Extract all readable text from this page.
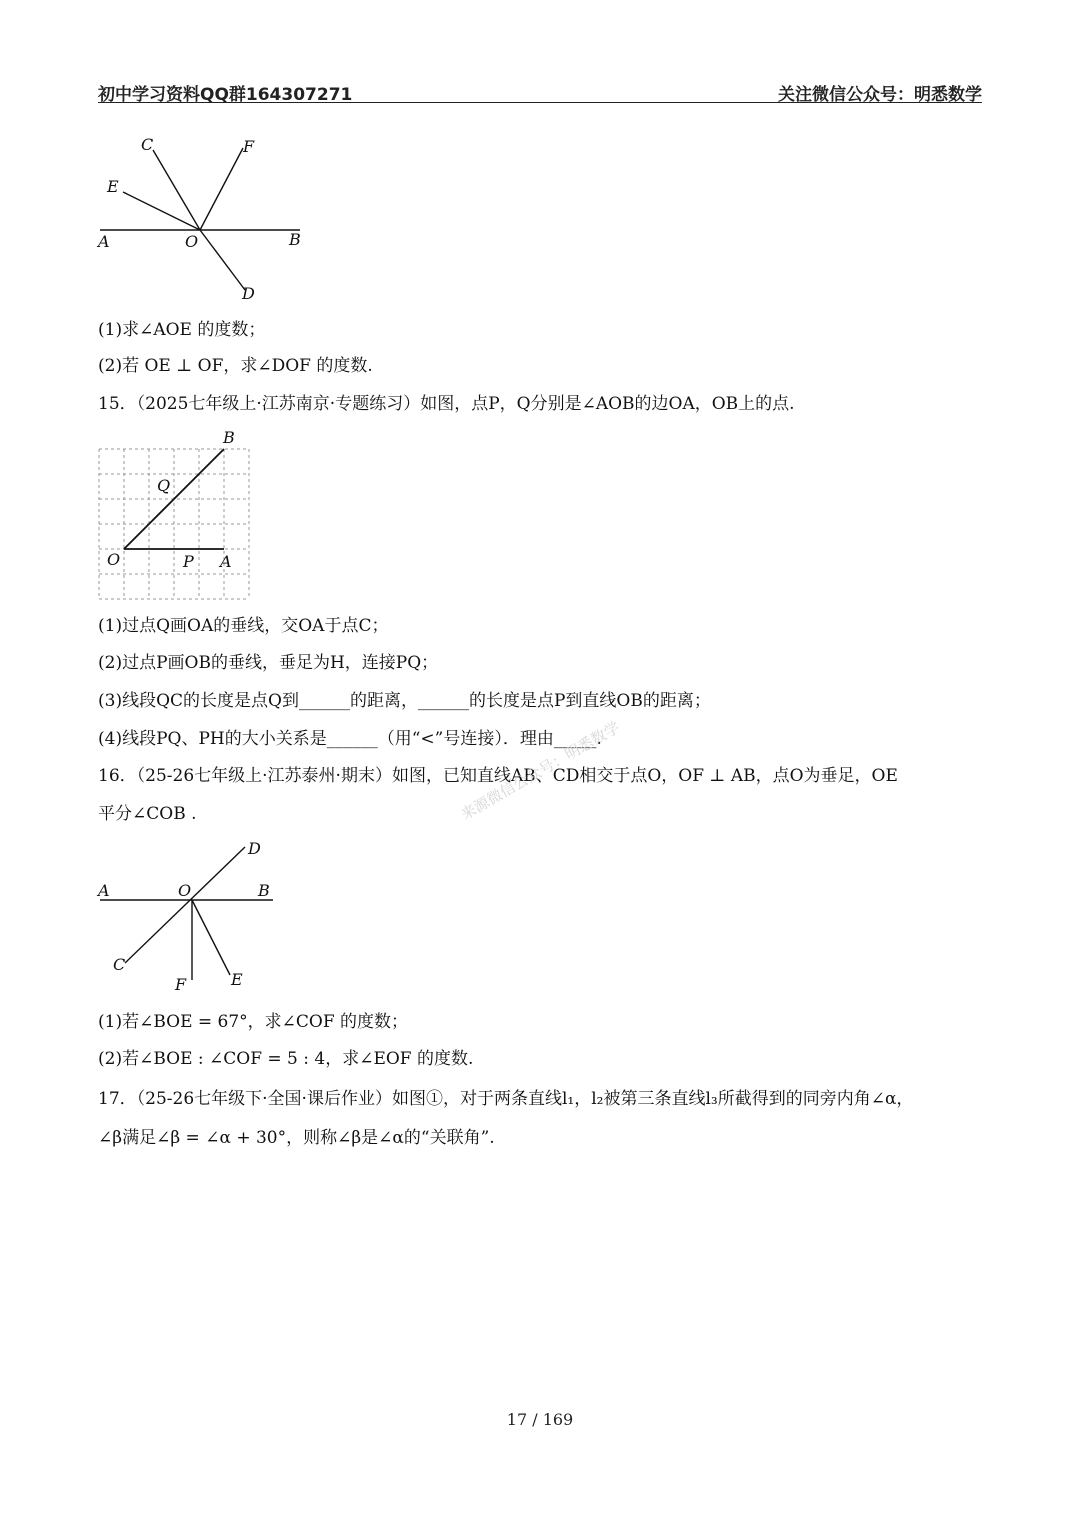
初中学习资料QQ群164307271	关注微信公众号：明悉数学
C	F
E
A	O	B
D
(1)求∠AOE 的度数；
(2)若 OE ⊥ OF，求∠DOF 的度数.
15．（2025七年级上·江苏南京·专题练习）如图，点P，Q分别是∠AOB的边OA，OB上的点.
B
Q
O	P A
(1)过点Q画OA的垂线，交OA于点C；
(2)过点P画OB的垂线，垂足为H，连接PQ；
(3)线段QC的长度是点Q到______的距离，______的长度是点P到直线OB的距离；
(4)线段PQ、PH的大小关系是______（用“<”号连接）．理由_____.
16．（25-26七年级上·江苏泰州·期末）如图，已知直线AB、CD相交于点O，OF ⊥ AB，点O为垂足，OE
平分∠COB .
D
A	O	B
C
F	E
(1)若∠BOE = 67°，求∠COF 的度数；
(2)若∠BOE : ∠COF = 5 : 4，求∠EOF 的度数.
17．（25-26七年级下·全国·课后作业）如图①，对于两条直线l₁，l₂被第三条直线l₃所截得到的同旁内角∠α，
∠β满足∠β = ∠α + 30°，则称∠β是∠α的“关联角”.
来源微信公众号：明悉数学
17 / 169
